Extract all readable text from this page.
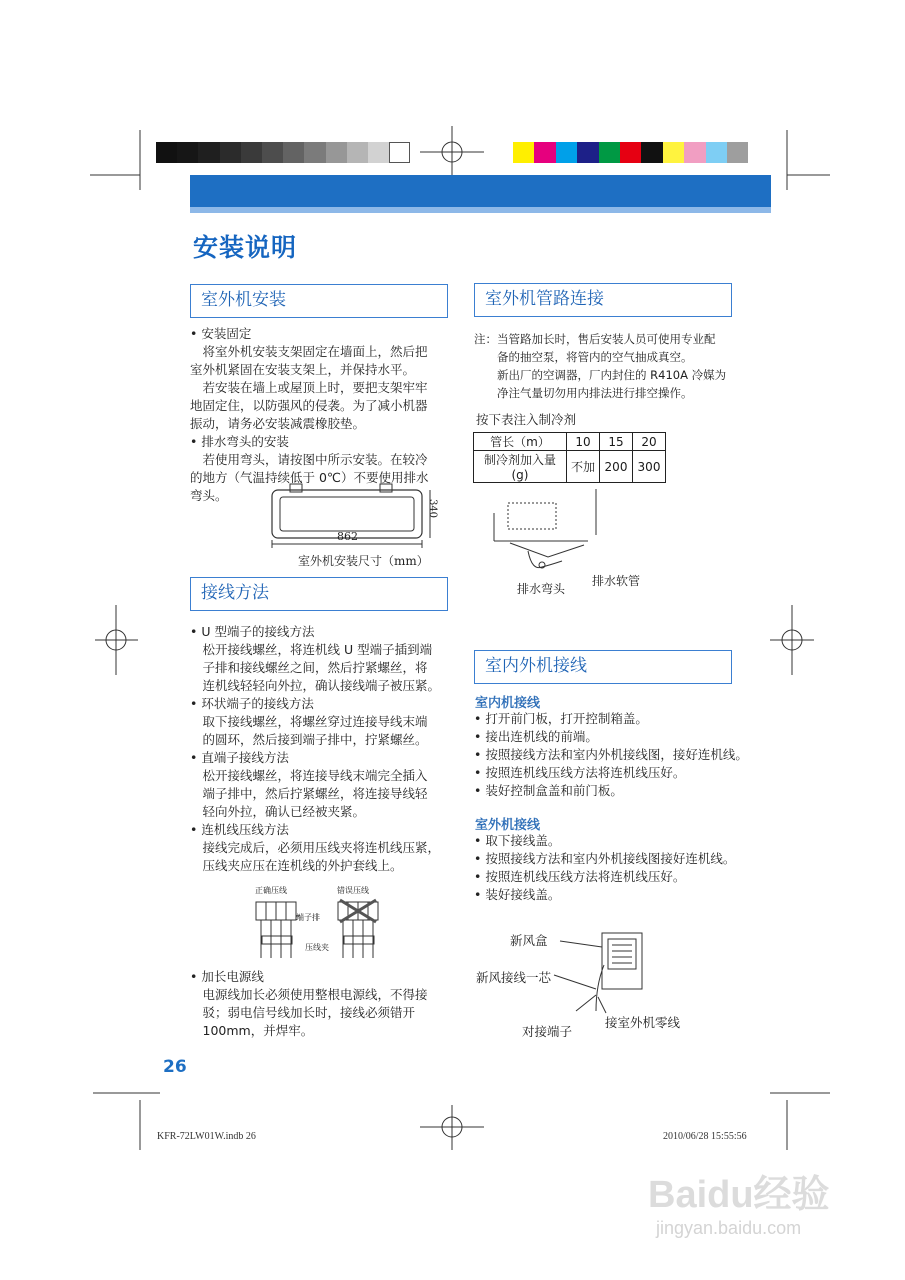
安装说明
室外机安装

• 安装固定

　将室外机安装支架固定在墙面上，然后把

室外机紧固在安装支架上，并保持水平。

　若安装在墙上或屋顶上时，要把支架牢牢

地固定住，以防强风的侵袭。为了减小机器

振动，请务必安装减震橡胶垫。

• 排水弯头的安装

　若使用弯头，请按图中所示安装。在较冷

的地方（气温持续低于 0℃）不要使用排水

弯头。

862
340
室外机安装尺寸（mm）
接线方法

• U 型端子的接线方法

　松开接线螺丝，将连机线 U 型端子插到端

　子排和接线螺丝之间，然后拧紧螺丝，将

　连机线轻轻向外拉，确认接线端子被压紧。

• 环状端子的接线方法

　取下接线螺丝，将螺丝穿过连接导线末端

　的圆环，然后接到端子排中，拧紧螺丝。

• 直端子接线方法

　松开接线螺丝，将连接导线末端完全插入

　端子排中，然后拧紧螺丝，将连接导线轻

　轻向外拉，确认已经被夹紧。

• 连机线压线方法

　接线完成后，必须用压线夹将连机线压紧，

　压线夹应压在连机线的外护套线上。

正确压线	错误压线
端子排
压线夹

• 加长电源线

　电源线加长必须使用整根电源线，不得接

　驳；弱电信号线加长时，接线必须错开

　100mm，并焊牢。

室外机管路连接

注：当管路加长时，售后安装人员可使用专业配

　　备的抽空泵，将管内的空气抽成真空。

　　新出厂的空调器，厂内封住的 R410A 冷媒为

　　净注气量切勿用内排法进行排空操作。

按下表注入制冷剂
管长（m）	10	15	20
制冷剂加入量 (g)	不加	200	300
排水弯头
排水软管
室内外机接线
室内机接线

• 打开前门板，打开控制箱盖。

• 接出连机线的前端。

• 按照接线方法和室内外机接线图，接好连机线。

• 按照连机线压线方法将连机线压好。

• 装好控制盒盖和前门板。

室外机接线

• 取下接线盖。

• 按照接线方法和室内外机接线图接好连机线。

• 按照连机线压线方法将连机线压好。

• 装好接线盖。

新风盒
新风接线一芯
对接端子
接室外机零线
26
KFR-72LW01W.indb 26	2010/06/28 15:55:56
Baidu经验
jingyan.baidu.com
